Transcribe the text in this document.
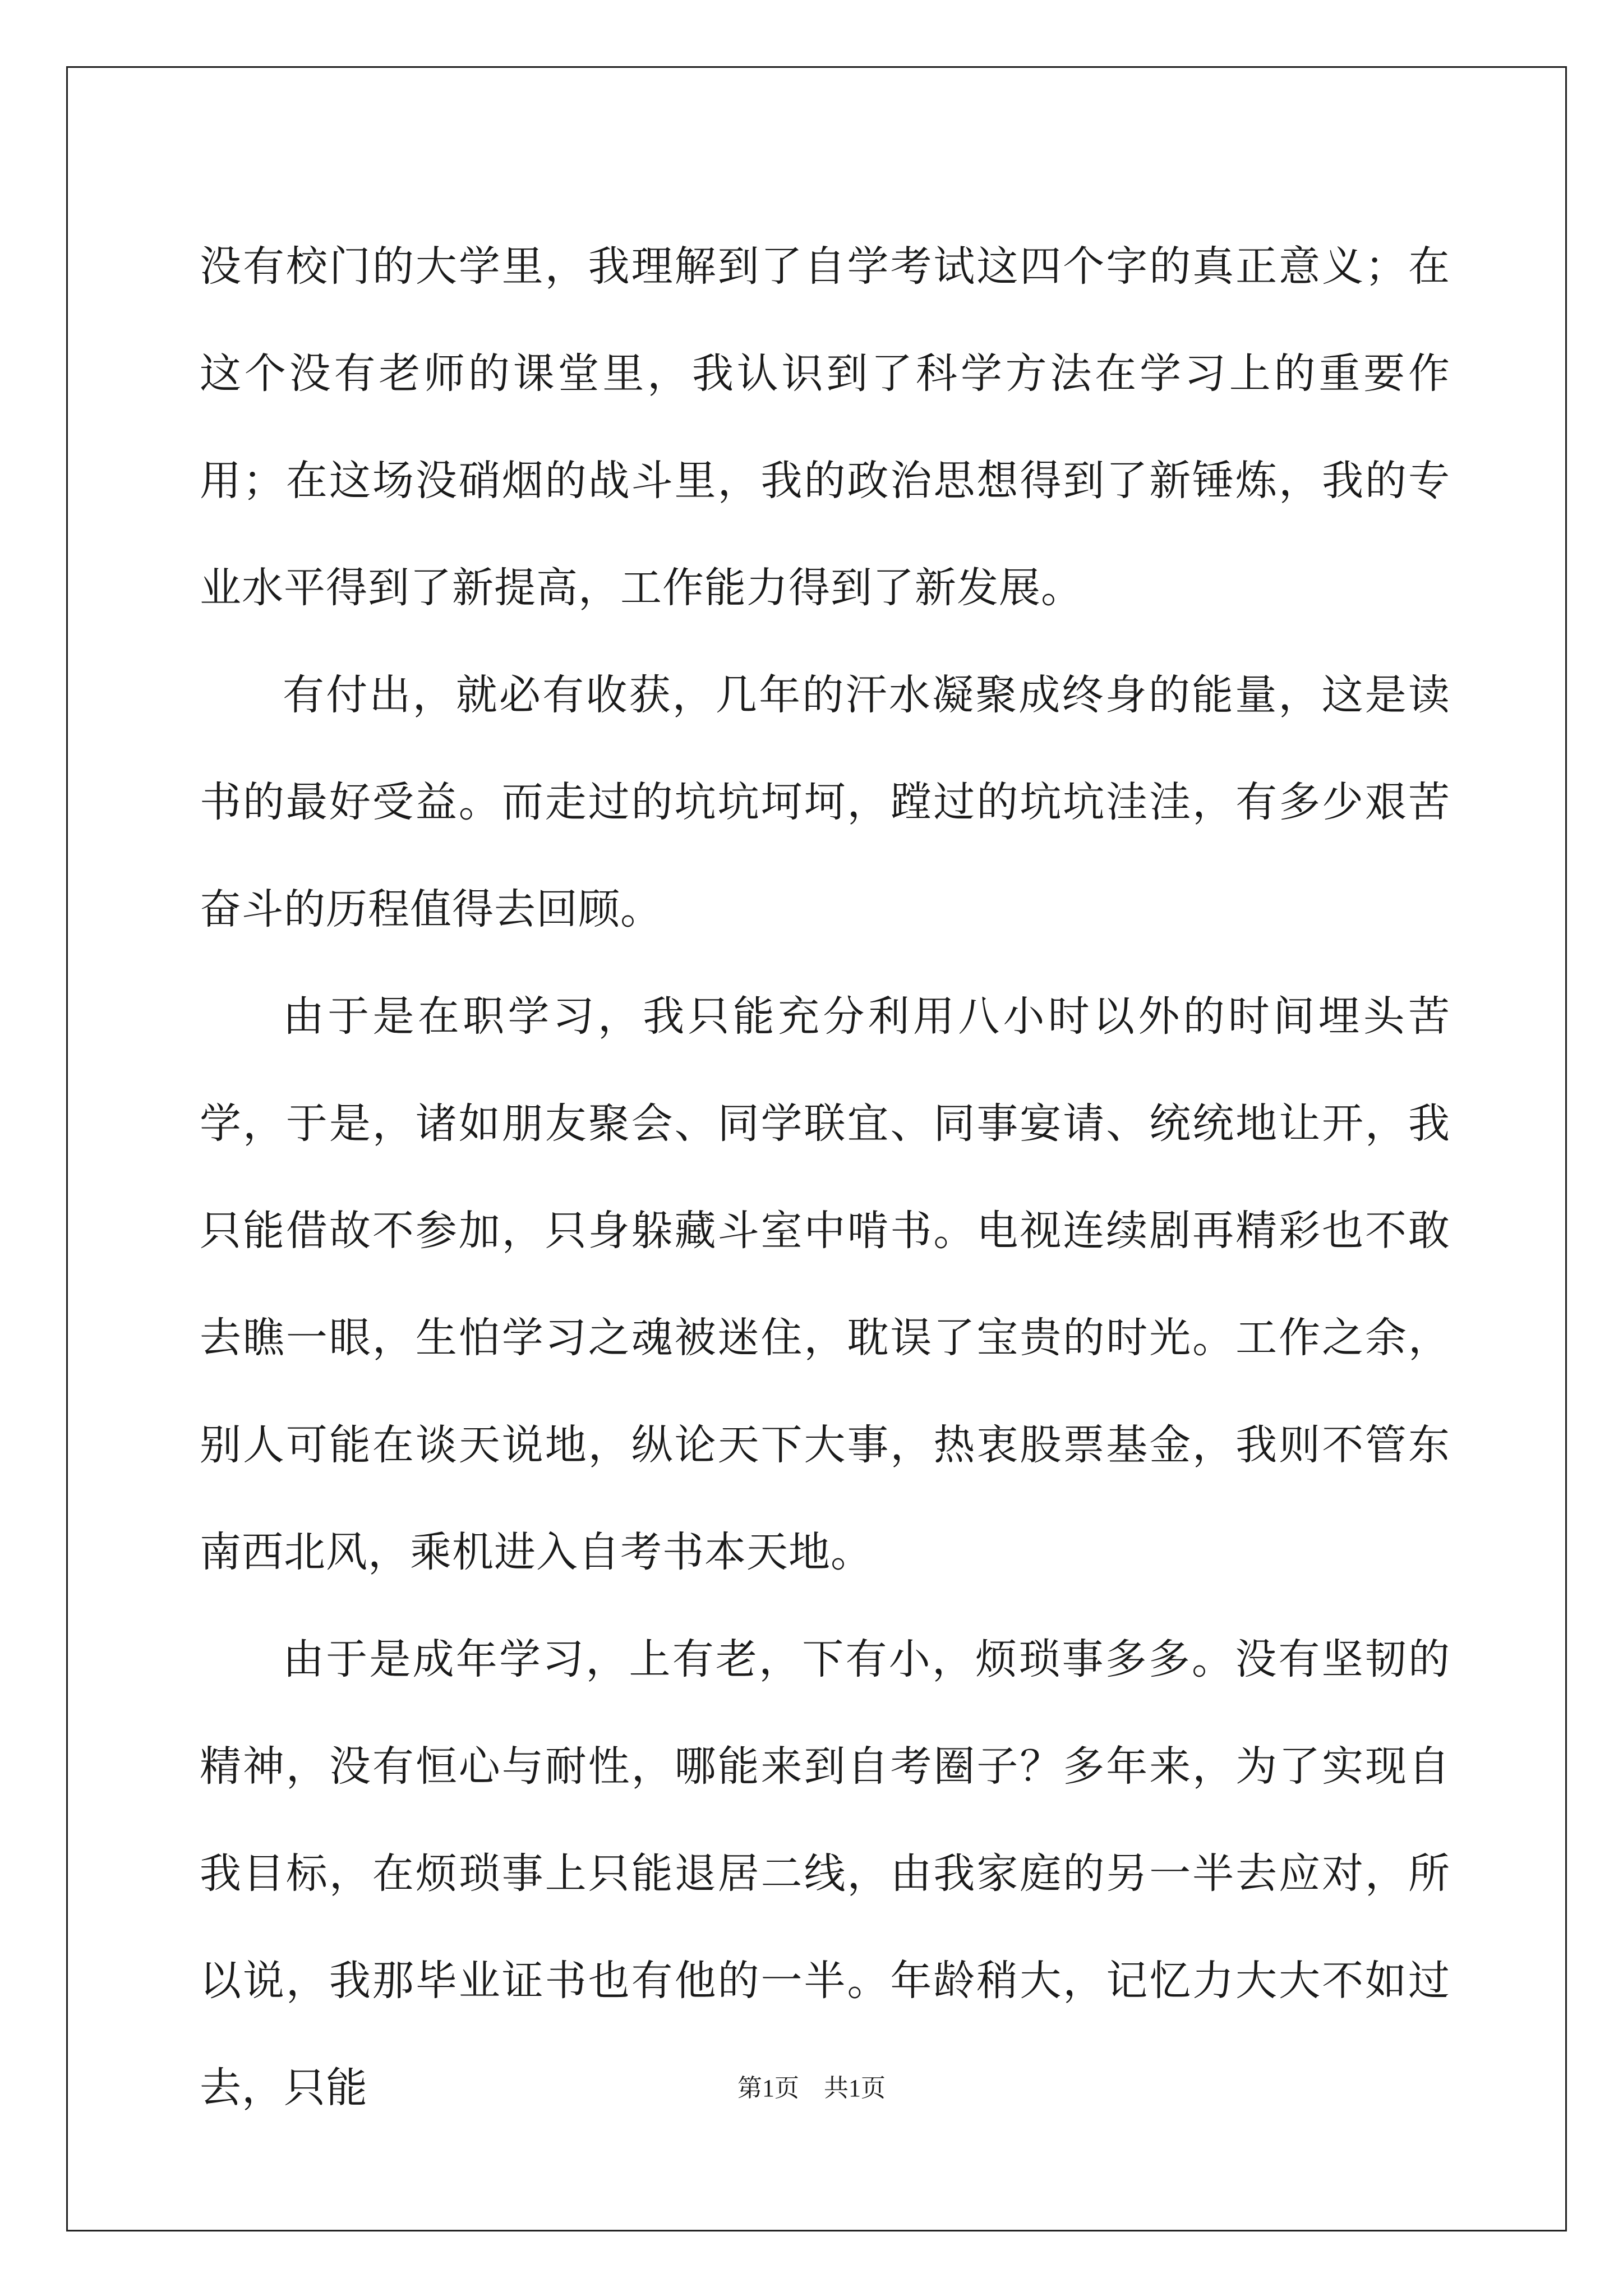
没有校门的大学里，我理解到了自学考试这四个字的真正意义；在这个没有老师的课堂里，我认识到了科学方法在学习上的重要作用；在这场没硝烟的战斗里，我的政治思想得到了新锤炼，我的专业水平得到了新提高，工作能力得到了新发展。

有付出，就必有收获，几年的汗水凝聚成终身的能量，这是读书的最好受益。而走过的坑坑坷坷，蹚过的坑坑洼洼，有多少艰苦奋斗的历程值得去回顾。

由于是在职学习，我只能充分利用八小时以外的时间埋头苦学，于是，诸如朋友聚会、同学联宜、同事宴请、统统地让开，我只能借故不参加，只身躲藏斗室中啃书。电视连续剧再精彩也不敢去瞧一眼，生怕学习之魂被迷住，耽误了宝贵的时光。工作之余，别人可能在谈天说地，纵论天下大事，热衷股票基金，我则不管东南西北风，乘机进入自考书本天地。

由于是成年学习，上有老，下有小，烦琐事多多。没有坚韧的精神，没有恒心与耐性，哪能来到自考圈子？多年来，为了实现自我目标，在烦琐事上只能退居二线，由我家庭的另一半去应对，所以说，我那毕业证书也有他的一半。年龄稍大，记忆力大大不如过去，只能	第1页 共1页
